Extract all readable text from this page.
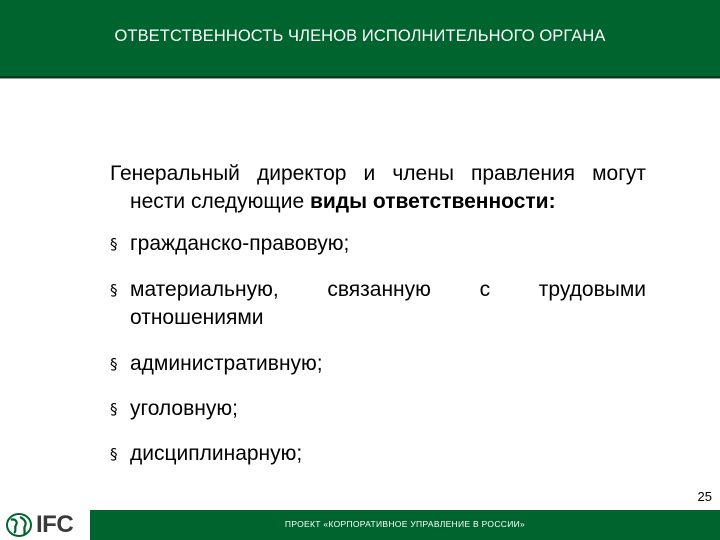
ОТВЕТСТВЕННОСТЬ ЧЛЕНОВ ИСПОЛНИТЕЛЬНОГО ОРГАНА

Генеральный директор и члены правления могут нести следующие виды ответственности:

§ гражданско-правовую;
§ материальную, связанную с трудовыми отношениями
§ административную;
§ уголовную;
§ дисциплинарную;
25
IFC	ПРОЕКТ «КОРПОРАТИВНОЕ УПРАВЛЕНИЕ В РОССИИ»
